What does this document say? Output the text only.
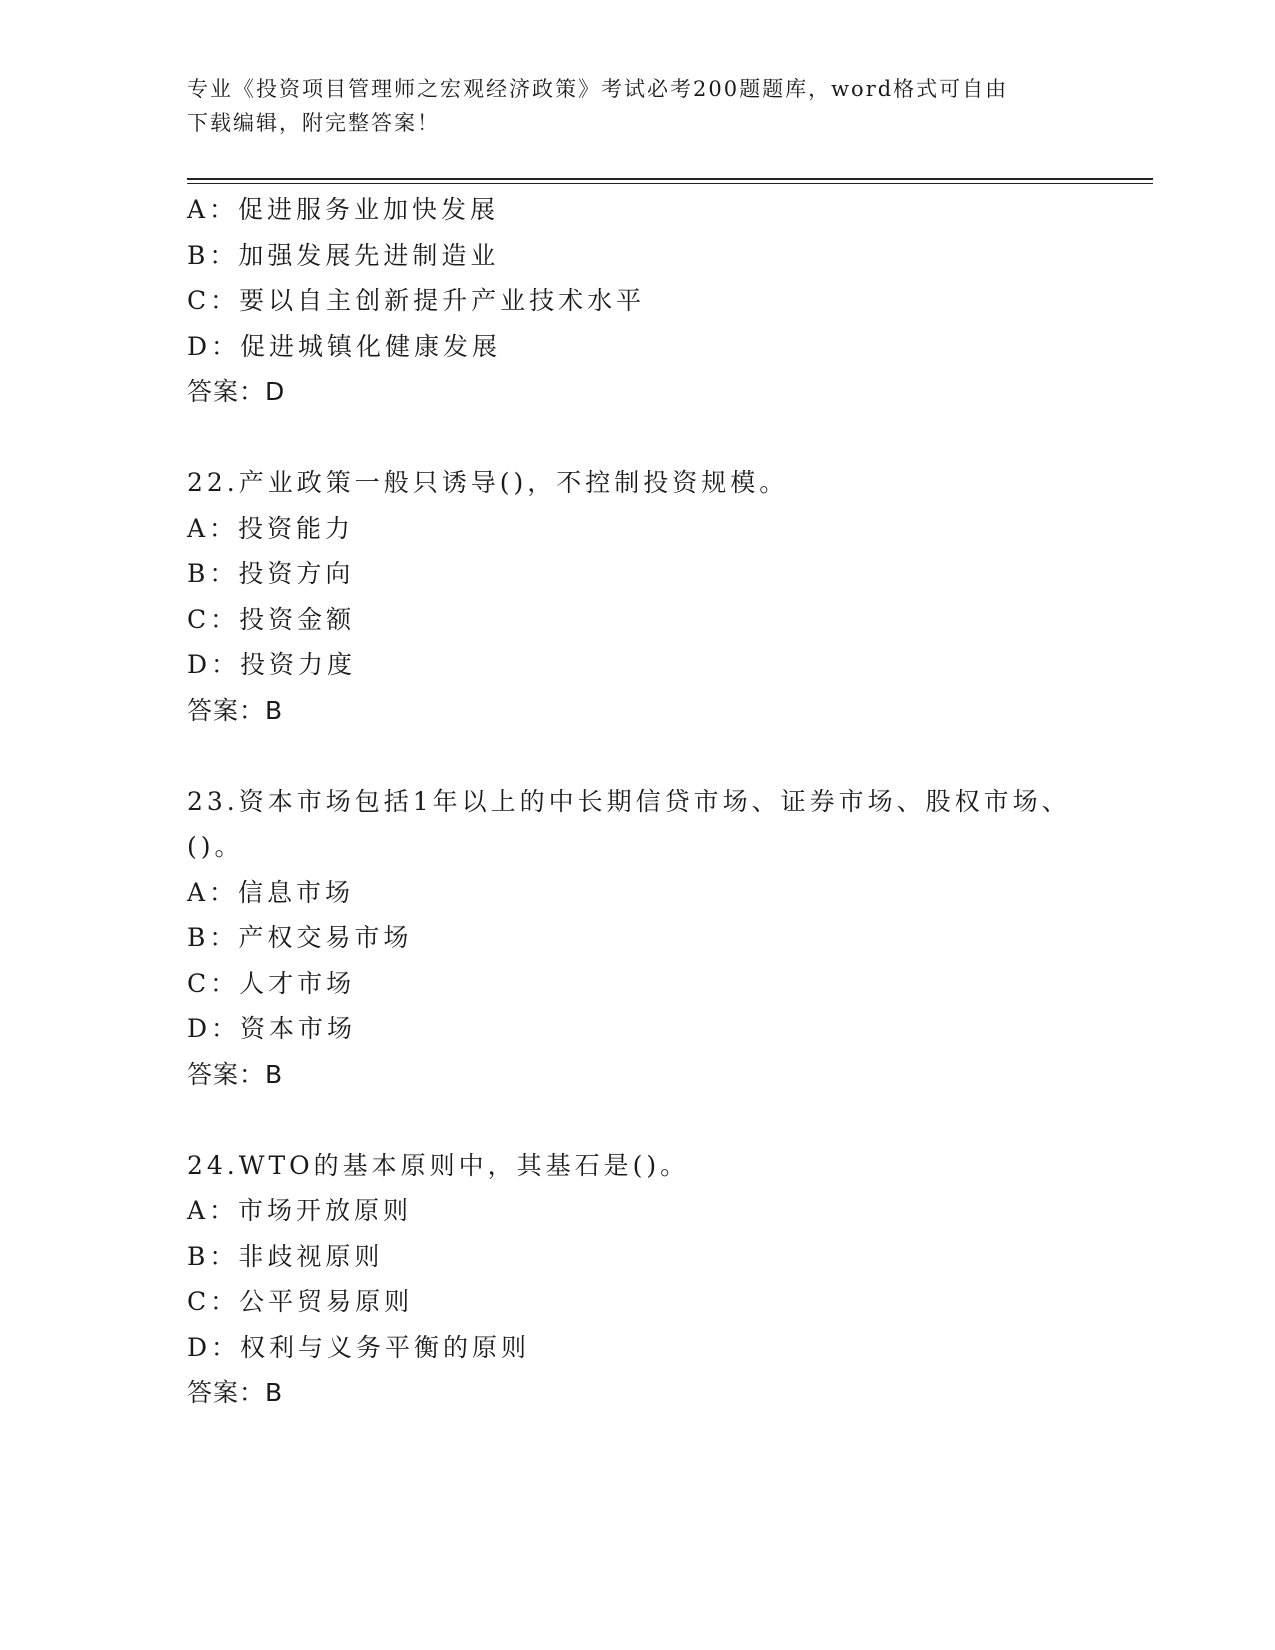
专业《投资项目管理师之宏观经济政策》考试必考200题题库，word格式可自由
下载编辑，附完整答案！
A：促进服务业加快发展
B：加强发展先进制造业
C：要以自主创新提升产业技术水平
D：促进城镇化健康发展
答案：D
22.产业政策一般只诱导()，不控制投资规模。
A：投资能力
B：投资方向
C：投资金额
D：投资力度
答案：B
23.资本市场包括1年以上的中长期信贷市场、证券市场、股权市场、
()。
A：信息市场
B：产权交易市场
C：人才市场
D：资本市场
答案：B
24.WTO的基本原则中，其基石是()。
A：市场开放原则
B：非歧视原则
C：公平贸易原则
D：权利与义务平衡的原则
答案：B
